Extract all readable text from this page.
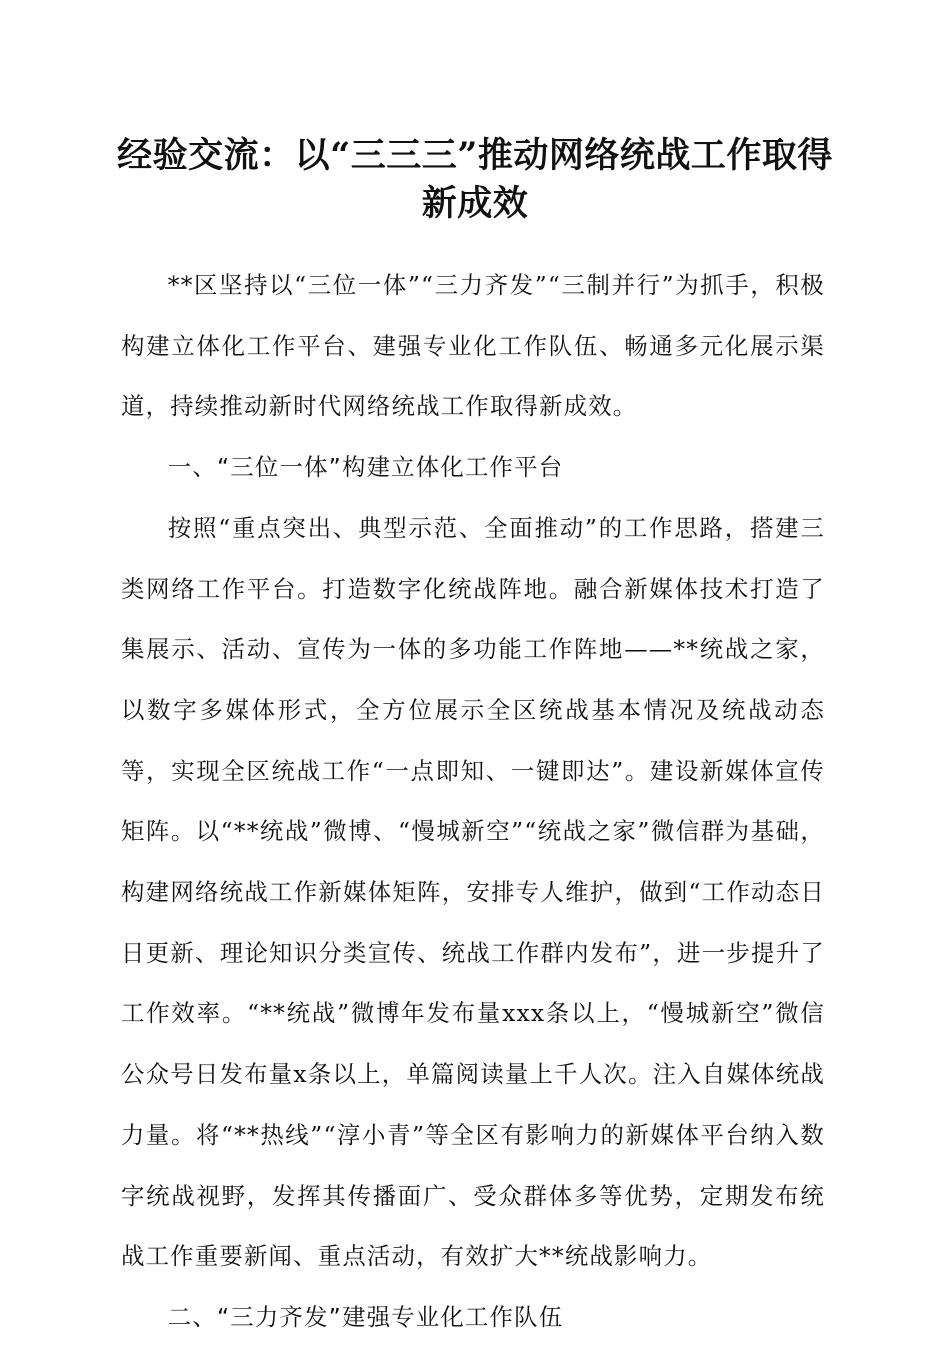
经验交流：以“三三三”推动网络统战工作取得新成效

**区坚持以“三位一体”“三力齐发”“三制并行”为抓手，积极构建立体化工作平台、建强专业化工作队伍、畅通多元化展示渠道，持续推动新时代网络统战工作取得新成效。

一、“三位一体”构建立体化工作平台

按照“重点突出、典型示范、全面推动”的工作思路，搭建三类网络工作平台。打造数字化统战阵地。融合新媒体技术打造了集展示、活动、宣传为一体的多功能工作阵地——**统战之家，以数字多媒体形式，全方位展示全区统战基本情况及统战动态等，实现全区统战工作“一点即知、一键即达”。建设新媒体宣传矩阵。以“**统战”微博、“慢城新空”“统战之家”微信群为基础，构建网络统战工作新媒体矩阵，安排专人维护，做到“工作动态日日更新、理论知识分类宣传、统战工作群内发布”，进一步提升了工作效率。“**统战”微博年发布量xxx条以上，“慢城新空”微信公众号日发布量x条以上，单篇阅读量上千人次。注入自媒体统战力量。将“**热线”“淳小青”等全区有影响力的新媒体平台纳入数字统战视野，发挥其传播面广、受众群体多等优势，定期发布统战工作重要新闻、重点活动，有效扩大**统战影响力。

二、“三力齐发”建强专业化工作队伍
